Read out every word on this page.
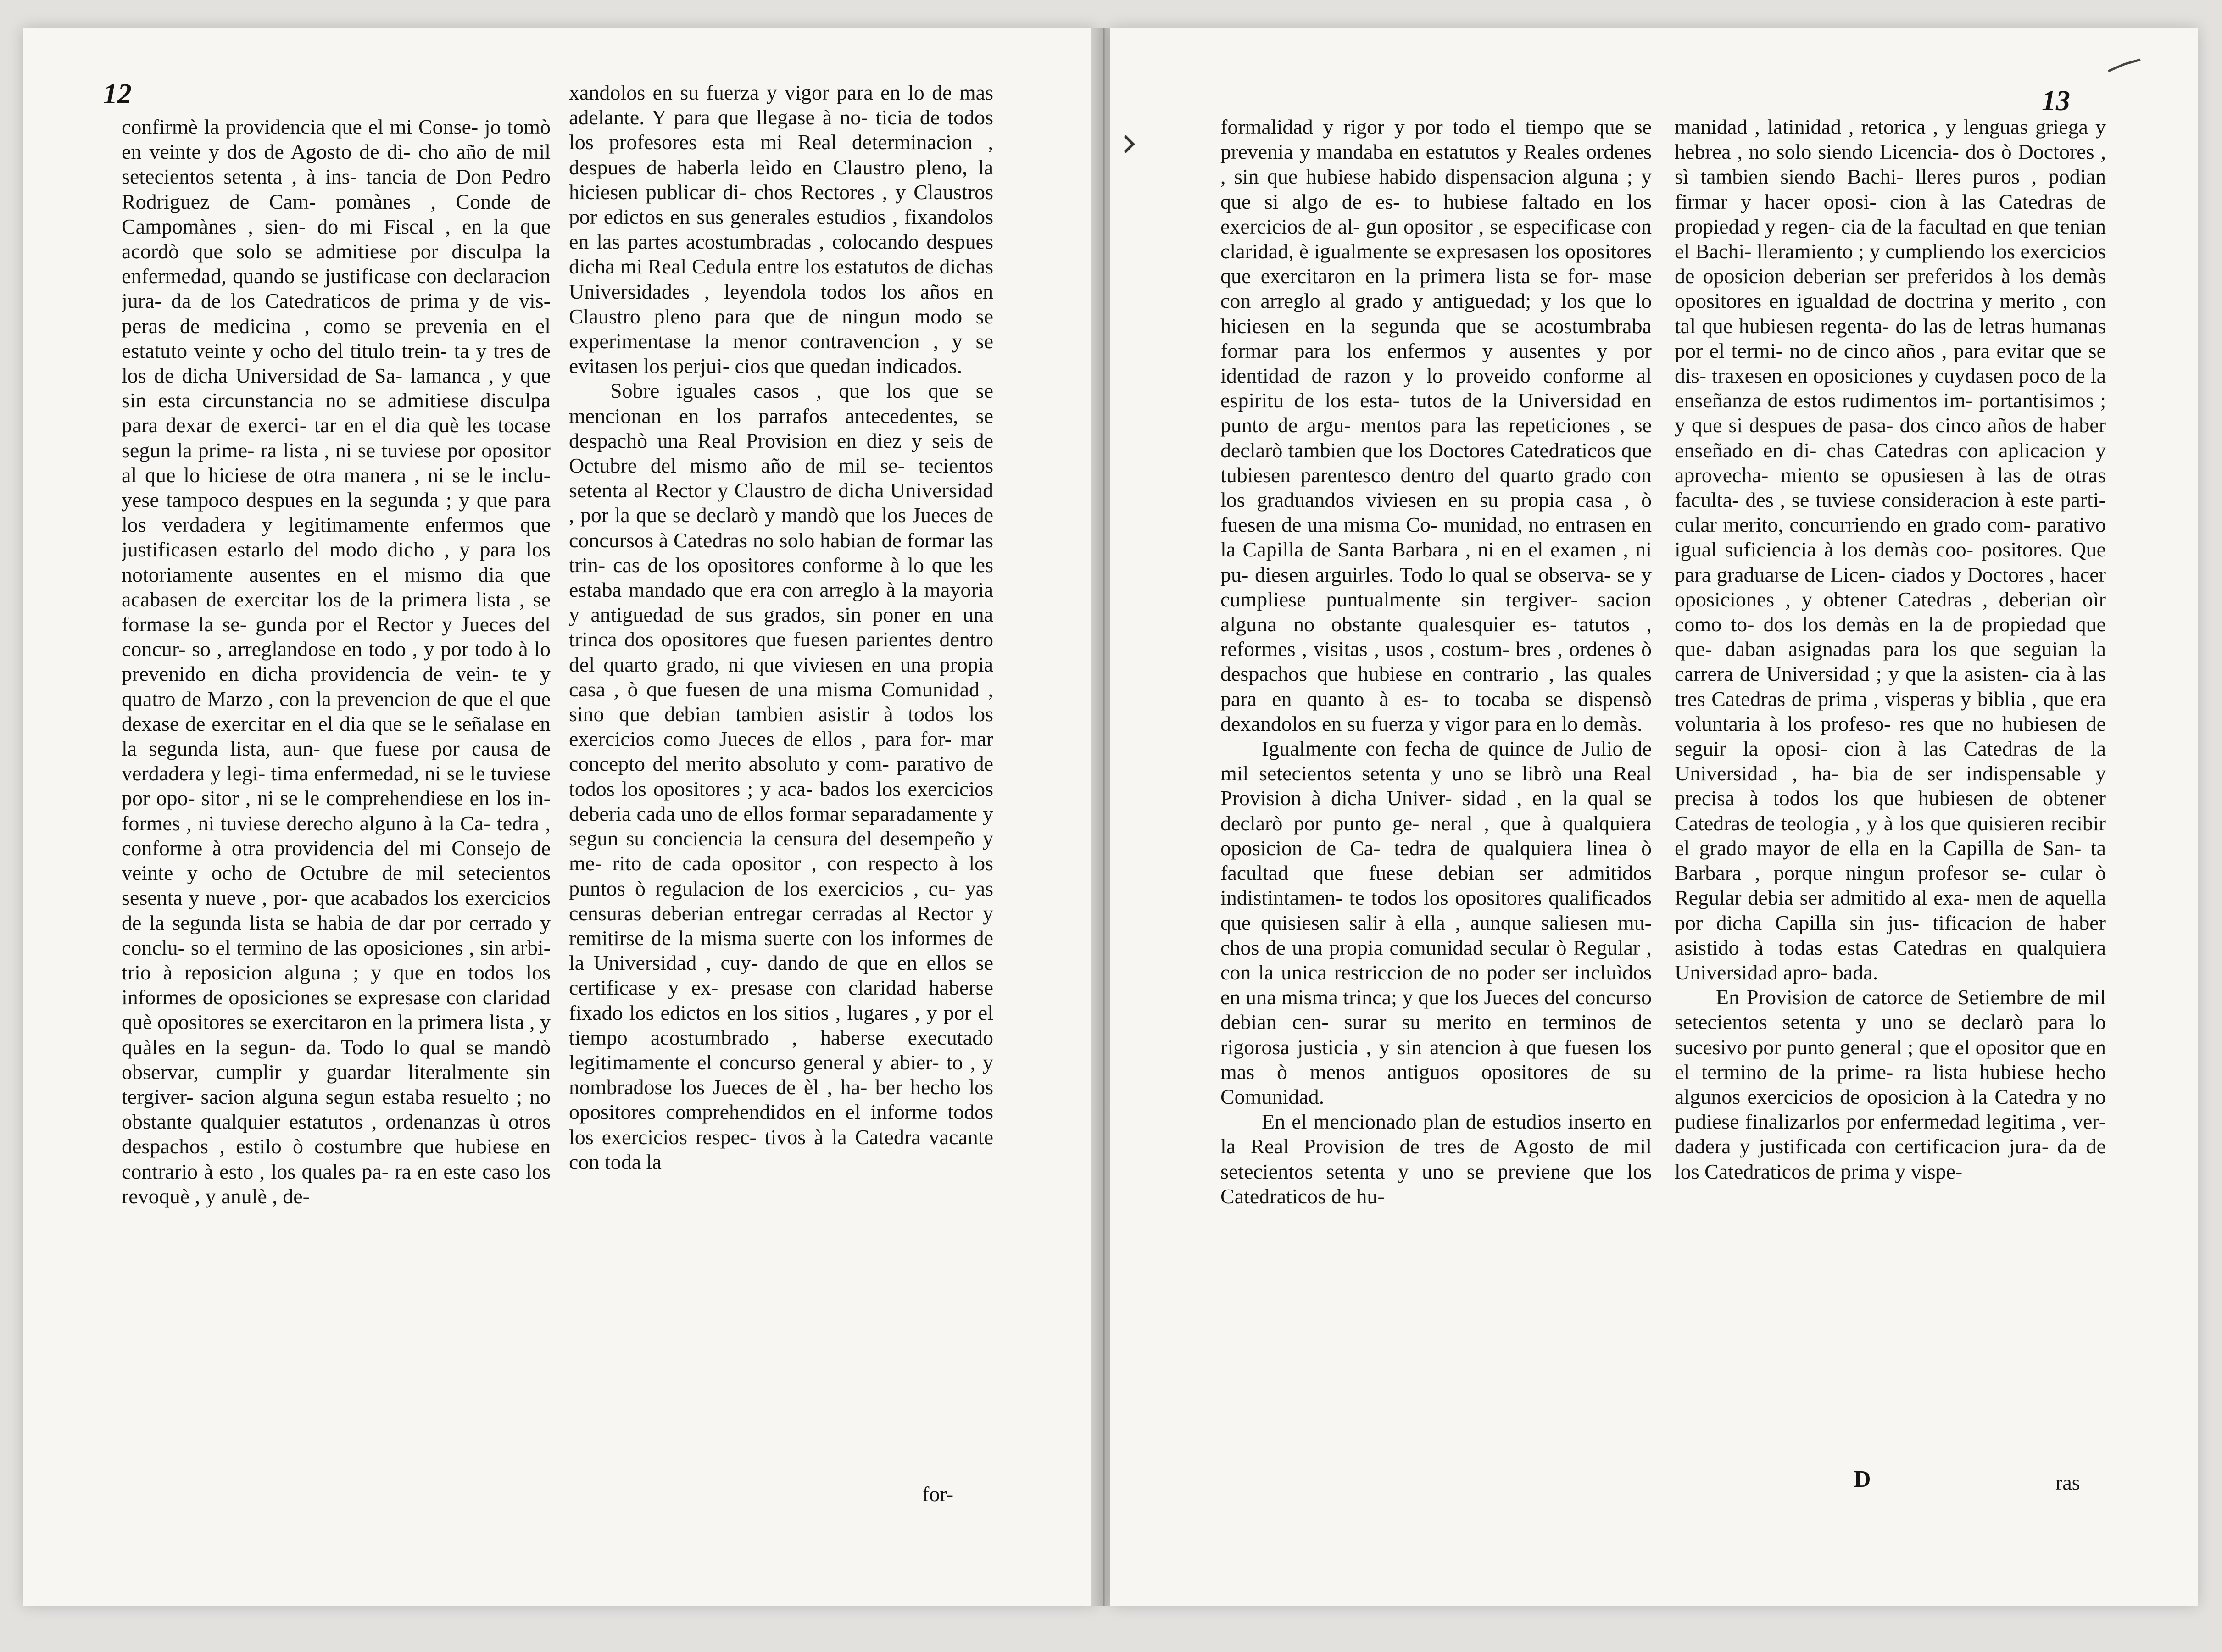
12	13

confirmè la providencia que el mi Conse- jo tomò en veinte y dos de Agosto de di- cho año de mil setecientos setenta , à ins- tancia de Don Pedro Rodriguez de Cam- pomànes , Conde de Campomànes , sien- do mi Fiscal , en la que acordò que solo se admitiese por disculpa la enfermedad, quando se justificase con declaracion jura- da de los Catedraticos de prima y de vis- peras de medicina , como se prevenia en el estatuto veinte y ocho del titulo trein- ta y tres de los de dicha Universidad de Sa- lamanca , y que sin esta circunstancia no se admitiese disculpa para dexar de exerci- tar en el dia què les tocase segun la prime- ra lista , ni se tuviese por opositor al que lo hiciese de otra manera , ni se le inclu- yese tampoco despues en la segunda ; y que para los verdadera y legitimamente enfermos que justificasen estarlo del modo dicho , y para los notoriamente ausentes en el mismo dia que acabasen de exercitar los de la primera lista , se formase la se- gunda por el Rector y Jueces del concur- so , arreglandose en todo , y por todo à lo prevenido en dicha providencia de vein- te y quatro de Marzo , con la prevencion de que el que dexase de exercitar en el dia que se le señalase en la segunda lista, aun- que fuese por causa de verdadera y legi- tima enfermedad, ni se le tuviese por opo- sitor , ni se le comprehendiese en los in- formes , ni tuviese derecho alguno à la Ca- tedra , conforme à otra providencia del mi Consejo de veinte y ocho de Octubre de mil setecientos sesenta y nueve , por- que acabados los exercicios de la segunda lista se habia de dar por cerrado y conclu- so el termino de las oposiciones , sin arbi- trio à reposicion alguna ; y que en todos los informes de oposiciones se expresase con claridad què opositores se exercitaron en la primera lista , y quàles en la segun- da. Todo lo qual se mandò observar, cumplir y guardar literalmente sin tergiver- sacion alguna segun estaba resuelto ; no obstante qualquier estatutos , ordenanzas ù otros despachos , estilo ò costumbre que hubiese en contrario à esto , los quales pa- ra en este caso los revoquè , y anulè , de-

xandolos en su fuerza y vigor para en lo de mas adelante. Y para que llegase à no- ticia de todos los profesores esta mi Real determinacion , despues de haberla leìdo en Claustro pleno, la hiciesen publicar di- chos Rectores , y Claustros por edictos en sus generales estudios , fixandolos en las partes acostumbradas , colocando despues dicha mi Real Cedula entre los estatutos de dichas Universidades , leyendola todos los años en Claustro pleno para que de ningun modo se experimentase la menor contravencion , y se evitasen los perjui- cios que quedan indicados.

Sobre iguales casos , que los que se mencionan en los parrafos antecedentes, se despachò una Real Provision en diez y seis de Octubre del mismo año de mil se- tecientos setenta al Rector y Claustro de dicha Universidad , por la que se declarò y mandò que los Jueces de concursos à Catedras no solo habian de formar las trin- cas de los opositores conforme à lo que les estaba mandado que era con arreglo à la mayoria y antiguedad de sus grados, sin poner en una trinca dos opositores que fuesen parientes dentro del quarto grado, ni que viviesen en una propia casa , ò que fuesen de una misma Comunidad , sino que debian tambien asistir à todos los exercicios como Jueces de ellos , para for- mar concepto del merito absoluto y com- parativo de todos los opositores ; y aca- bados los exercicios deberia cada uno de ellos formar separadamente y segun su conciencia la censura del desempeño y me- rito de cada opositor , con respecto à los puntos ò regulacion de los exercicios , cu- yas censuras deberian entregar cerradas al Rector y remitirse de la misma suerte con los informes de la Universidad , cuy- dando de que en ellos se certificase y ex- presase con claridad haberse fixado los edictos en los sitios , lugares , y por el tiempo acostumbrado , haberse executado legitimamente el concurso general y abier- to , y nombradose los Jueces de èl , ha- ber hecho los opositores comprehendidos en el informe todos los exercicios respec- tivos à la Catedra vacante con toda la

formalidad y rigor y por todo el tiempo que se prevenia y mandaba en estatutos y Reales ordenes , sin que hubiese habido dispensacion alguna ; y que si algo de es- to hubiese faltado en los exercicios de al- gun opositor , se especificase con claridad, è igualmente se expresasen los opositores que exercitaron en la primera lista se for- mase con arreglo al grado y antiguedad; y los que lo hiciesen en la segunda que se acostumbraba formar para los enfermos y ausentes y por identidad de razon y lo proveido conforme al espiritu de los esta- tutos de la Universidad en punto de argu- mentos para las repeticiones , se declarò tambien que los Doctores Catedraticos que tubiesen parentesco dentro del quarto grado con los graduandos viviesen en su propia casa , ò fuesen de una misma Co- munidad, no entrasen en la Capilla de Santa Barbara , ni en el examen , ni pu- diesen arguirles. Todo lo qual se observa- se y cumpliese puntualmente sin tergiver- sacion alguna no obstante qualesquier es- tatutos , reformes , visitas , usos , costum- bres , ordenes ò despachos que hubiese en contrario , las quales para en quanto à es- to tocaba se dispensò dexandolos en su fuerza y vigor para en lo demàs.

Igualmente con fecha de quince de Julio de mil setecientos setenta y uno se librò una Real Provision à dicha Univer- sidad , en la qual se declarò por punto ge- neral , que à qualquiera oposicion de Ca- tedra de qualquiera linea ò facultad que fuese debian ser admitidos indistintamen- te todos los opositores qualificados que quisiesen salir à ella , aunque saliesen mu- chos de una propia comunidad secular ò Regular , con la unica restriccion de no poder ser incluìdos en una misma trinca; y que los Jueces del concurso debian cen- surar su merito en terminos de rigorosa justicia , y sin atencion à que fuesen los mas ò menos antiguos opositores de su Comunidad.

En el mencionado plan de estudios inserto en la Real Provision de tres de Agosto de mil setecientos setenta y uno se previene que los Catedraticos de hu-

manidad , latinidad , retorica , y lenguas griega y hebrea , no solo siendo Licencia- dos ò Doctores , sì tambien siendo Bachi- lleres puros , podian firmar y hacer oposi- cion à las Catedras de propiedad y regen- cia de la facultad en que tenian el Bachi- lleramiento ; y cumpliendo los exercicios de oposicion deberian ser preferidos à los demàs opositores en igualdad de doctrina y merito , con tal que hubiesen regenta- do las de letras humanas por el termi- no de cinco años , para evitar que se dis- traxesen en oposiciones y cuydasen poco de la enseñanza de estos rudimentos im- portantisimos ; y que si despues de pasa- dos cinco años de haber enseñado en di- chas Catedras con aplicacion y aprovecha- miento se opusiesen à las de otras faculta- des , se tuviese consideracion à este parti- cular merito, concurriendo en grado com- parativo igual suficiencia à los demàs coo- positores. Que para graduarse de Licen- ciados y Doctores , hacer oposiciones , y obtener Catedras , deberian oìr como to- dos los demàs en la de propiedad que que- daban asignadas para los que seguian la carrera de Universidad ; y que la asisten- cia à las tres Catedras de prima , visperas y biblia , que era voluntaria à los profeso- res que no hubiesen de seguir la oposi- cion à las Catedras de la Universidad , ha- bia de ser indispensable y precisa à todos los que hubiesen de obtener Catedras de teologia , y à los que quisieren recibir el grado mayor de ella en la Capilla de San- ta Barbara , porque ningun profesor se- cular ò Regular debia ser admitido al exa- men de aquella por dicha Capilla sin jus- tificacion de haber asistido à todas estas Catedras en qualquiera Universidad apro- bada.

En Provision de catorce de Setiembre de mil setecientos setenta y uno se declarò para lo sucesivo por punto general ; que el opositor que en el termino de la prime- ra lista hubiese hecho algunos exercicios de oposicion à la Catedra y no pudiese finalizarlos por enfermedad legitima , ver- dadera y justificada con certificacion jura- da de los Catedraticos de prima y vispe-

for-
D	ras
